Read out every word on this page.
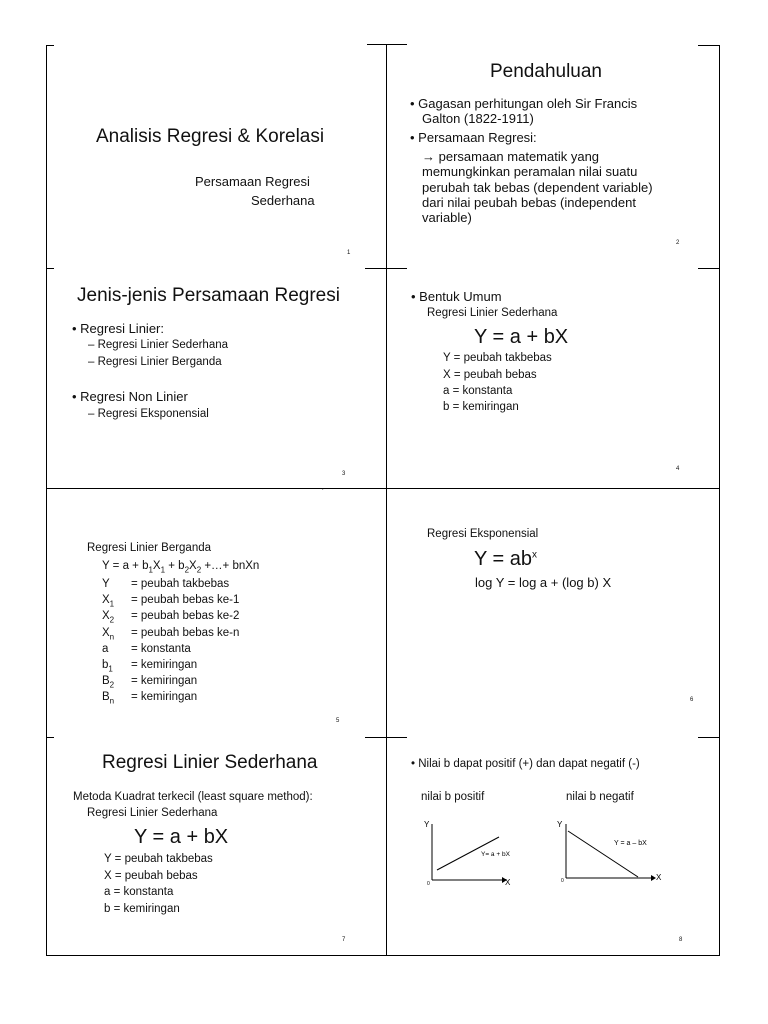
Analisis Regresi & Korelasi
Persamaan Regresi
Sederhana
1
Pendahuluan
• Gagasan perhitungan oleh Sir Francis
Galton (1822-1911)
• Persamaan Regresi:
→ persamaan matematik yang
memungkinkan peramalan nilai suatu
perubah tak bebas (dependent variable)
dari nilai peubah bebas (independent
variable)
2
Jenis-jenis Persamaan Regresi
• Regresi Linier:
– Regresi Linier Sederhana
– Regresi Linier Berganda
• Regresi Non Linier
– Regresi Eksponensial
3
• Bentuk Umum
Regresi Linier Sederhana
Y = a + bX
Y = peubah takbebas
X = peubah bebas
a = konstanta
b = kemiringan
4
Regresi Linier Berganda
$Y = a + b_1X_1 + b_2X_2$ +…+ bnXn
Y = peubah takbebas
$X_1$ = peubah bebas ke-1
$X_2$ = peubah bebas ke-2
$X_n$ = peubah bebas ke-n
a = konstanta
$b_1$ = kemiringan
$B_2$ = kemiringan
$B_n$ = kemiringan
5
Regresi Eksponensial
$Y = ab^x$
log Y = log a + (log b) X
6
Regresi Linier Sederhana
Metoda Kuadrat terkecil (least square method):
Regresi Linier Sederhana
Y = a + bX
Y = peubah takbebas
X = peubah bebas
a = konstanta
b = kemiringan
7
• Nilai b dapat positif (+) dan dapat negatif (-)
nilai b positif	nilai b negatif
Y
X
0
Y= a + bX
Y
X
0
Y = a – bX
8
•
